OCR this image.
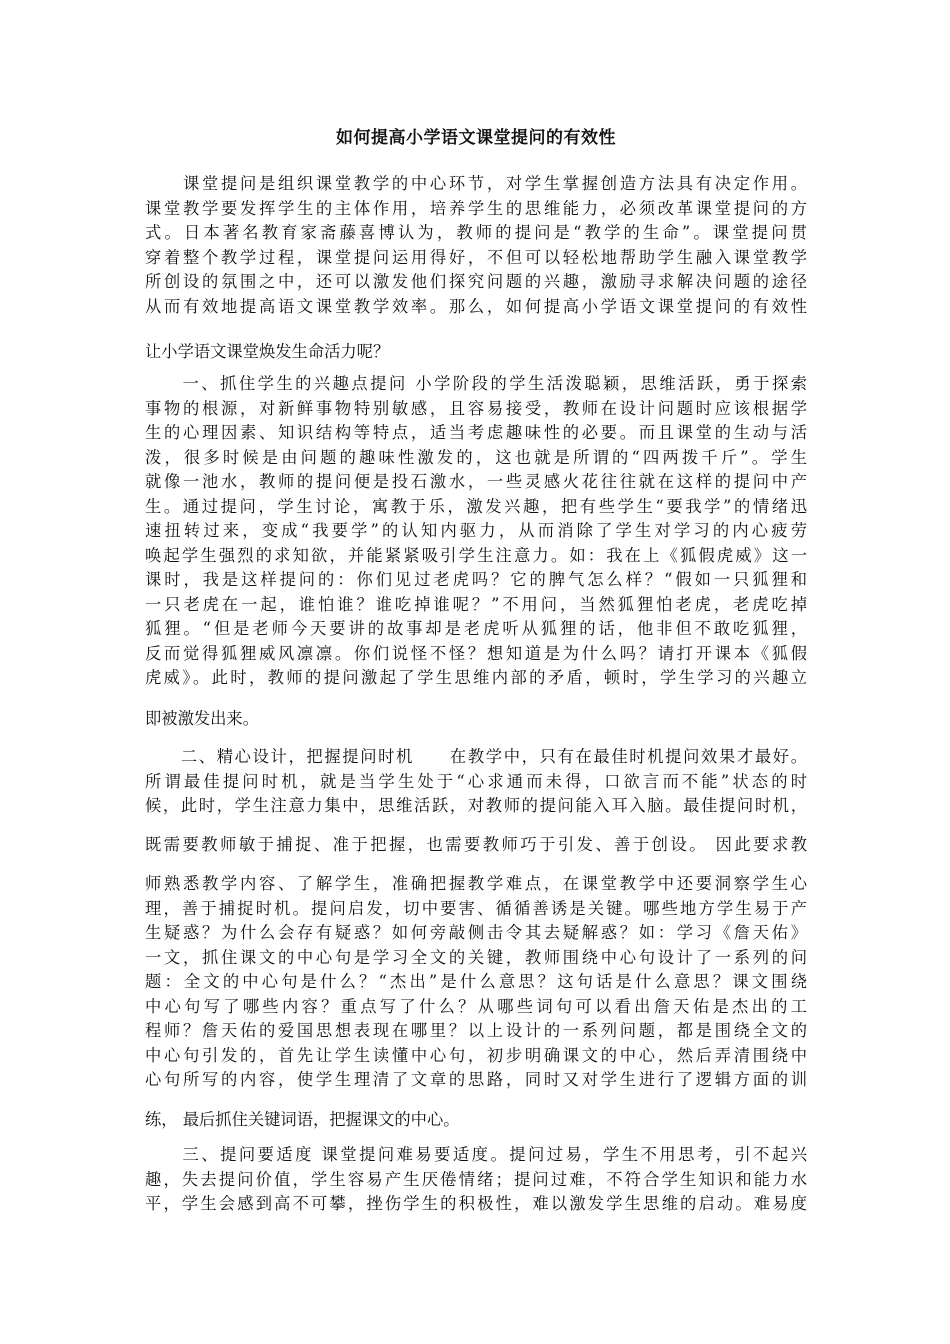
如何提高小学语文课堂提问的有效性

　　课堂提问是组织课堂教学的中心环节，对学生掌握创造方法具有决定作用。
课堂教学要发挥学生的主体作用，培养学生的思维能力，必须改革课堂提问的方
式。日本著名教育家斋藤喜博认为，教师的提问是“教学的生命”。课堂提问贯
穿着整个教学过程，课堂提问运用得好，不但可以轻松地帮助学生融入课堂教学
所创设的氛围之中，还可以激发他们探究问题的兴趣，激励寻求解决问题的途径
从而有效地提高语文课堂教学效率。那么，如何提高小学语文课堂提问的有效性

让小学语文课堂焕发生命活力呢？

　　一、抓住学生的兴趣点提问 小学阶段的学生活泼聪颖，思维活跃，勇于探索
事物的根源，对新鲜事物特别敏感，且容易接受，教师在设计问题时应该根据学
生的心理因素、知识结构等特点，适当考虑趣味性的必要。而且课堂的生动与活
泼，很多时候是由问题的趣味性激发的，这也就是所谓的“四两拨千斤”。学生
就像一池水，教师的提问便是投石激水，一些灵感火花往往就在这样的提问中产
生。通过提问，学生讨论，寓教于乐，激发兴趣，把有些学生“要我学”的情绪迅
速扭转过来，变成“我要学”的认知内驱力，从而消除了学生对学习的内心疲劳
唤起学生强烈的求知欲，并能紧紧吸引学生注意力。如：我在上《狐假虎威》这一
课时，我是这样提问的：你们见过老虎吗？它的脾气怎么样？“假如一只狐狸和
一只老虎在一起，谁怕谁？谁吃掉谁呢？”不用问，当然狐狸怕老虎，老虎吃掉
狐狸。“但是老师今天要讲的故事却是老虎听从狐狸的话，他非但不敢吃狐狸，
反而觉得狐狸威风凛凛。你们说怪不怪？想知道是为什么吗？请打开课本《狐假
虎威》。此时，教师的提问激起了学生思维内部的矛盾，顿时，学生学习的兴趣立

即被激发出来。

　　二、精心设计，把握提问时机　　在教学中，只有在最佳时机提问效果才最好。
所谓最佳提问时机，就是当学生处于“心求通而未得，口欲言而不能”状态的时
候，此时，学生注意力集中，思维活跃，对教师的提问能入耳入脑。最佳提问时机，

既需要教师敏于捕捉、准于把握，也需要教师巧于引发、善于创设。 因此要求教

师熟悉教学内容、了解学生，准确把握教学难点，在课堂教学中还要洞察学生心
理，善于捕捉时机。提问启发，切中要害、循循善诱是关键。哪些地方学生易于产
生疑惑？为什么会存有疑惑？如何旁敲侧击令其去疑解惑？如：学习《詹天佑》
一文，抓住课文的中心句是学习全文的关键，教师围绕中心句设计了一系列的问
题：全文的中心句是什么？“杰出”是什么意思？这句话是什么意思？课文围绕
中心句写了哪些内容？重点写了什么？从哪些词句可以看出詹天佑是杰出的工
程师？詹天佑的爱国思想表现在哪里？以上设计的一系列问题，都是围绕全文的
中心句引发的，首先让学生读懂中心句，初步明确课文的中心，然后弄清围绕中
心句所写的内容，使学生理清了文章的思路，同时又对学生进行了逻辑方面的训

练， 最后抓住关键词语，把握课文的中心。

　　三、提问要适度 课堂提问难易要适度。提问过易，学生不用思考，引不起兴
趣，失去提问价值，学生容易产生厌倦情绪；提问过难，不符合学生知识和能力水
平，学生会感到高不可攀，挫伤学生的积极性，难以激发学生思维的启动。难易度
